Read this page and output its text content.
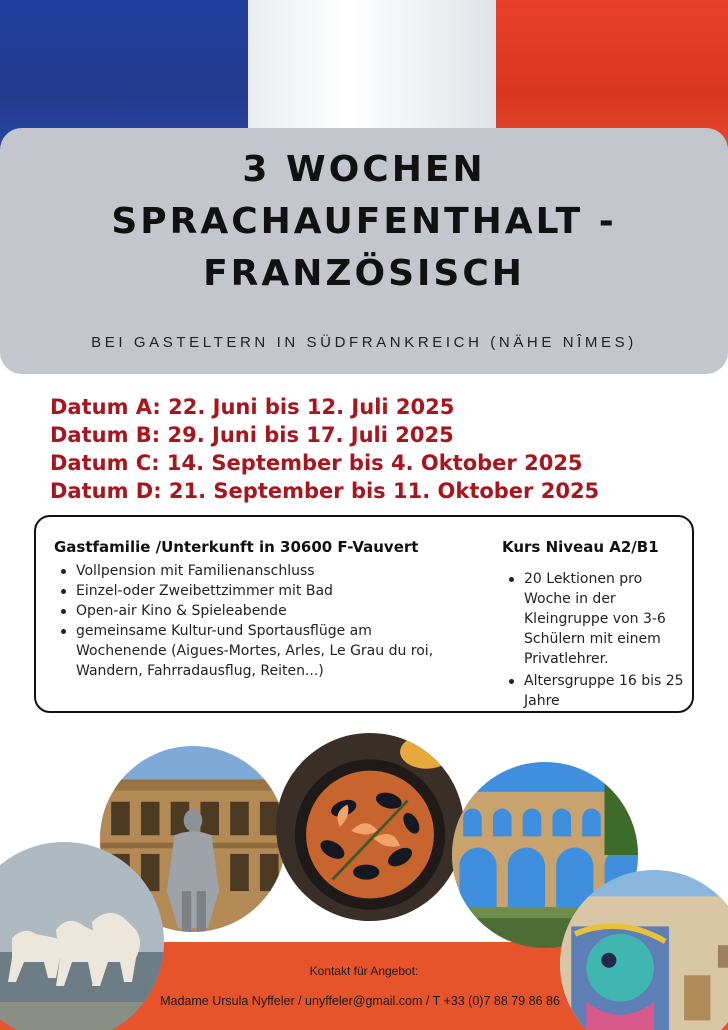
3 WOCHEN
SPRACHAUFENTHALT -
FRANZÖSISCH
BEI GASTELTERN IN SÜDFRANKREICH (NÄHE NÎMES)
Datum A: 22. Juni bis 12. Juli 2025
Datum B: 29. Juni bis 17. Juli 2025
Datum C: 14. September bis 4. Oktober 2025
Datum D: 21. September bis 11. Oktober 2025
Gastfamilie /Unterkunft in 30600 F-Vauvert
Vollpension mit Familienanschluss
Einzel-oder Zweibettzimmer mit Bad
Open-air Kino & Spieleabende
gemeinsame Kultur-und Sportausflüge am Wochenende (Aigues-Mortes, Arles, Le Grau du roi, Wandern, Fahrradausflug, Reiten...)
Kurs Niveau A2/B1
20 Lektionen pro Woche in der Kleingruppe von 3-6 Schülern mit einem Privatlehrer.
Altersgruppe 16 bis 25 Jahre
Kontakt für Angebot:
Madame Ursula Nyffeler / unyffeler@gmail.com / T +33 (0)7 88 79 86 86
